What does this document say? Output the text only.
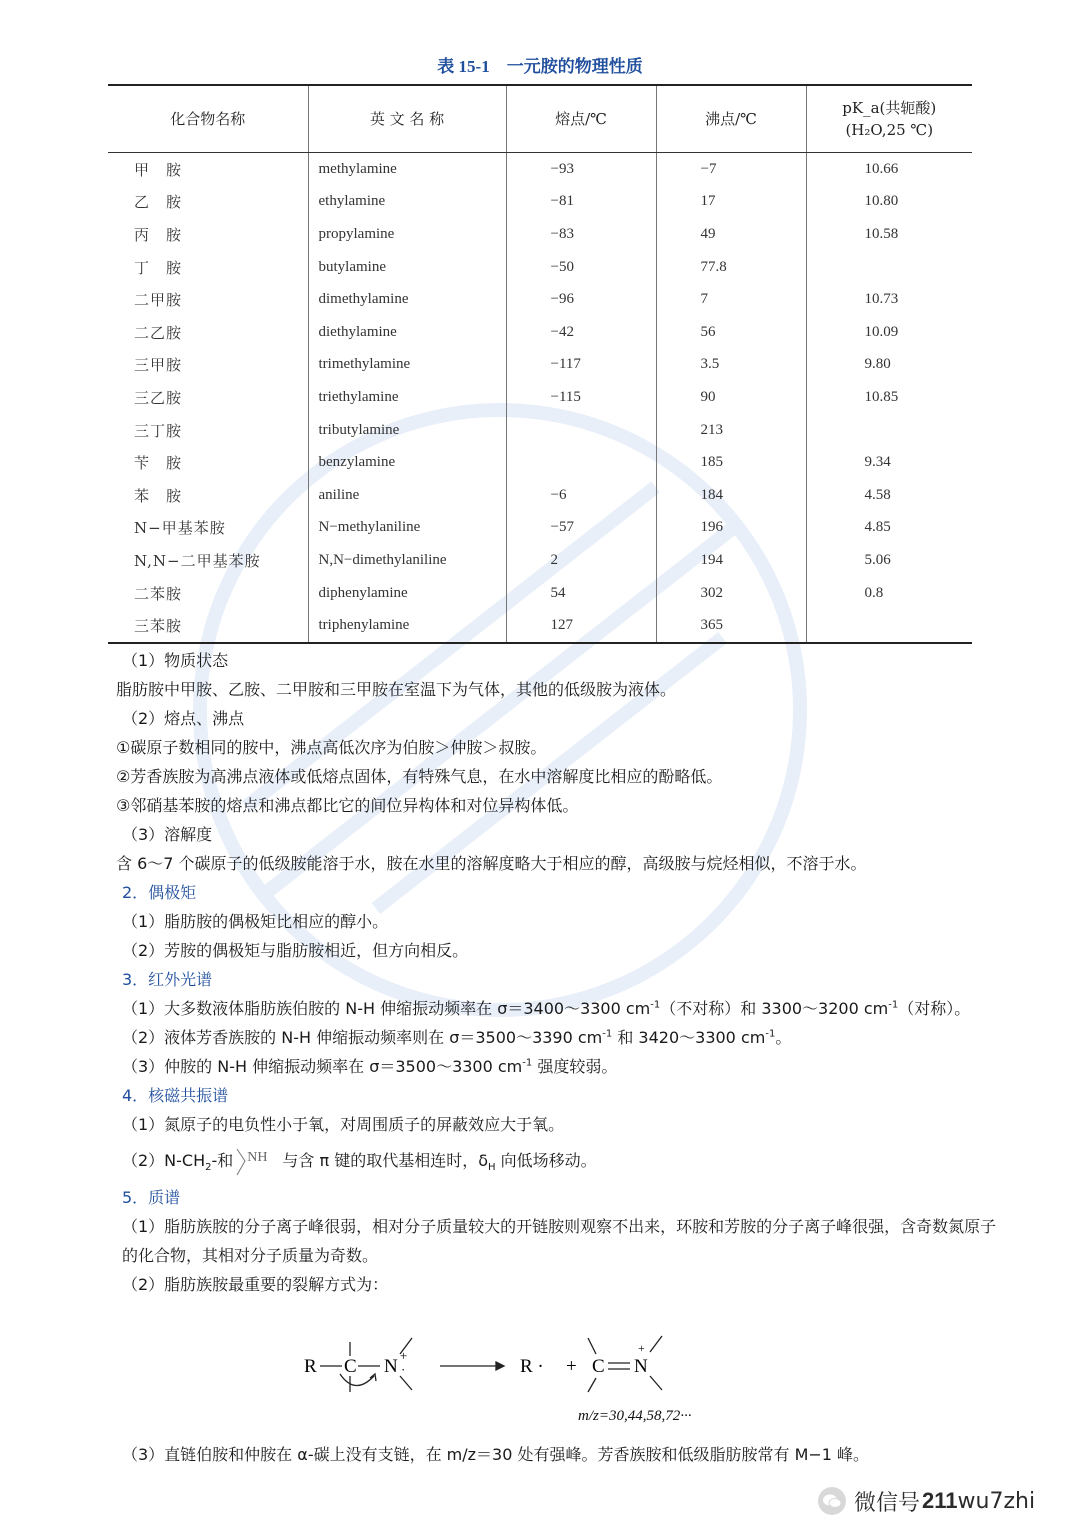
表 15-1　一元胺的物理性质
化合物名称	英 文 名 称	熔点/℃	沸点/℃	pK_a(共轭酸)
(H₂O,25 ℃)

甲　胺	methylamine	−93	−7	10.66
乙　胺	ethylamine	−81	17	10.80
丙　胺	propylamine	−83	49	10.58
丁　胺	butylamine	−50	77.8	
二甲胺	dimethylamine	−96	7	10.73
二乙胺	diethylamine	−42	56	10.09
三甲胺	trimethylamine	−117	3.5	9.80
三乙胺	triethylamine	−115	90	10.85
三丁胺	tributylamine		213	
苄　胺	benzylamine		185	9.34
苯　胺	aniline	−6	184	4.58
N−甲基苯胺	N−methylaniline	−57	196	4.85
N,N−二甲基苯胺	N,N−dimethylaniline	2	194	5.06
二苯胺	diphenylamine	54	302	0.8
三苯胺	triphenylamine	127	365	
（1）物质状态
脂肪胺中甲胺、乙胺、二甲胺和三甲胺在室温下为气体，其他的低级胺为液体。
（2）熔点、沸点
①碳原子数相同的胺中，沸点高低次序为伯胺＞仲胺＞叔胺。
②芳香族胺为高沸点液体或低熔点固体，有特殊气息，在水中溶解度比相应的酚略低。
③邻硝基苯胺的熔点和沸点都比它的间位异构体和对位异构体低。
（3）溶解度
含 6～7 个碳原子的低级胺能溶于水，胺在水里的溶解度略大于相应的醇，高级胺与烷烃相似，不溶于水。
2．偶极矩
（1）脂肪胺的偶极矩比相应的醇小。
（2）芳胺的偶极矩与脂肪胺相近，但方向相反。
3．红外光谱
（1）大多数液体脂肪族伯胺的 N-H 伸缩振动频率在 σ＝3400～3300 $cm^{-1}$（不对称）和 3300～3200 $cm^{-1}$（对称）。
（2）液体芳香族胺的 N-H 伸缩振动频率则在 σ＝3500～3390 $cm^{-1}$ 和 3420～3300 $cm^{-1}$。
（3）仲胺的 N-H 伸缩振动频率在 σ＝3500～3300 $cm^{-1}$ 强度较弱。
4．核磁共振谱
（1）氮原子的电负性小于氧，对周围质子的屏蔽效应大于氧。
$(2)N-CH_2-$和 NH 与含 π 键的取代基相连时，$\delta_H$ 向低场移动。
5．质谱
（1）脂肪族胺的分子离子峰很弱，相对分子质量较大的开链胺则观察不出来，环胺和芳胺的分子离子峰很强，含奇数氮原子的化合物，其相对分子质量为奇数。
（2）脂肪族胺最重要的裂解方式为：
R C N
+
·	R · + C N
+
m/z=30,44,58,72···
（3）直链伯胺和仲胺在 α-碳上没有支链，在 m/z＝30 处有强峰。芳香族胺和低级脂肪胺常有 M−1 峰。
微信号 211 wu7zhi
